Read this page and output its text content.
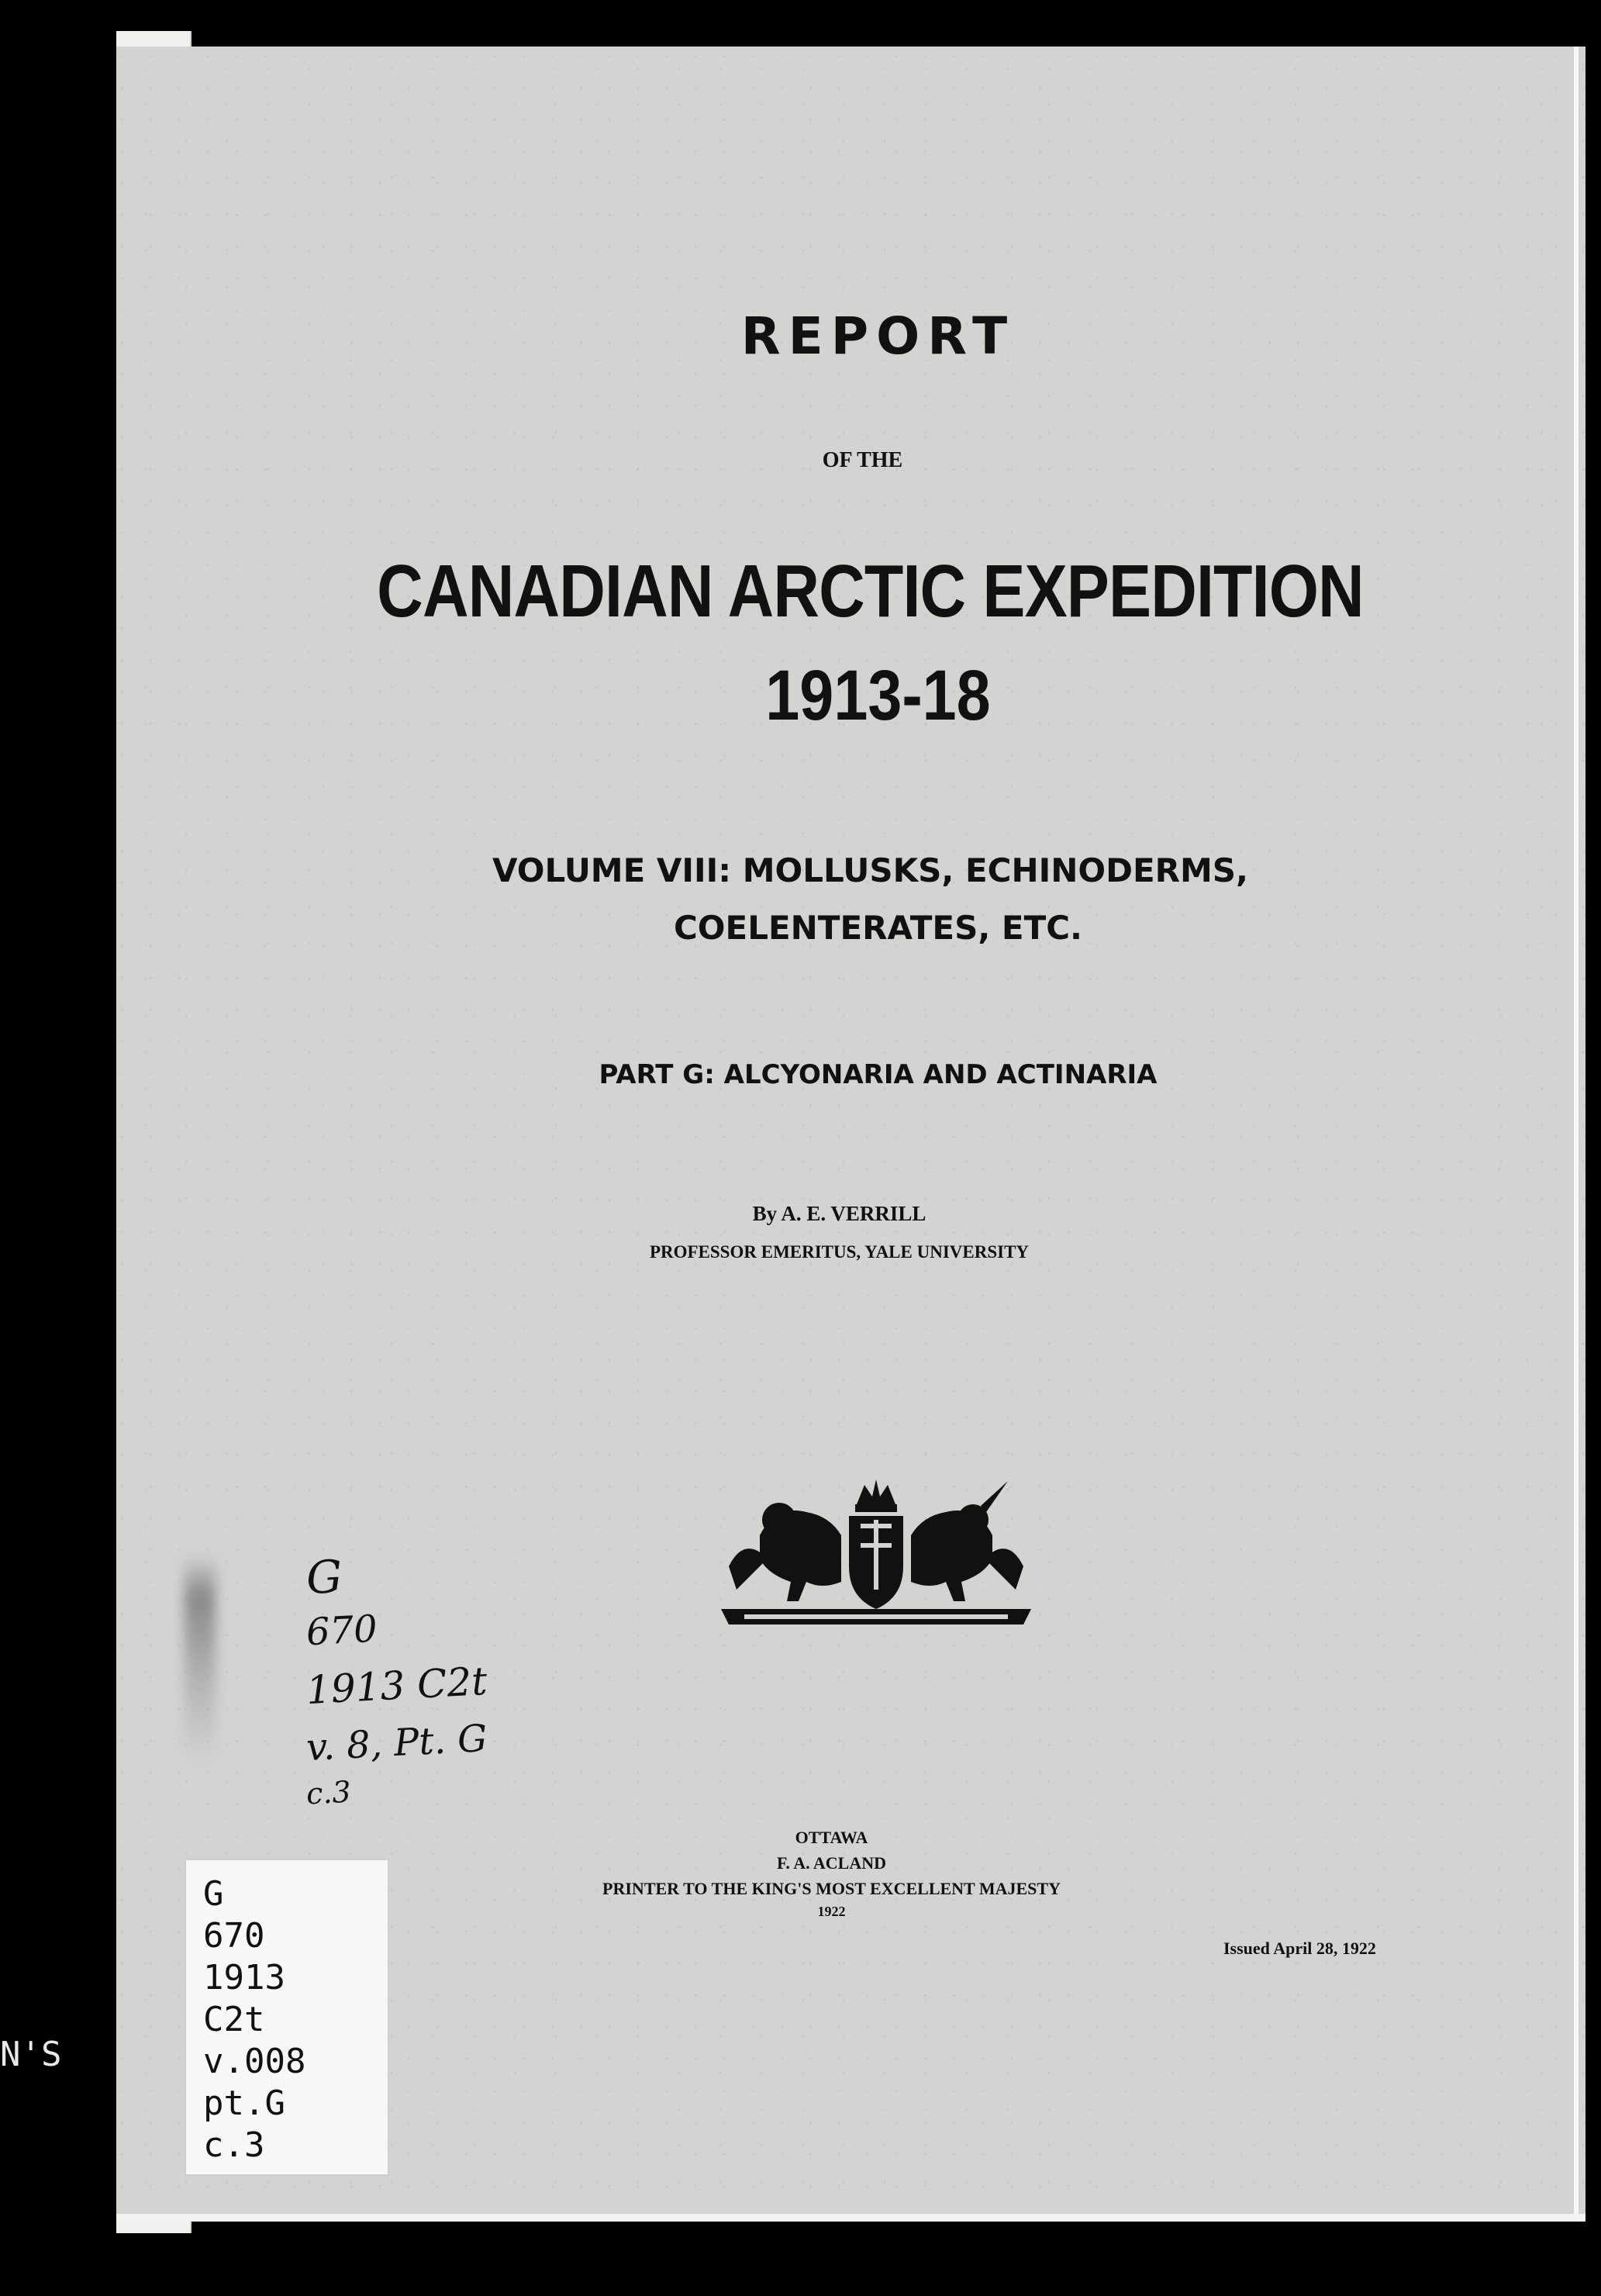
REPORT

OF THE

CANADIAN ARCTIC EXPEDITION

1913-18

VOLUME VIII: MOLLUSKS, ECHINODERMS,

COELENTERATES, ETC.

PART G: ALCYONARIA AND ACTINARIA

By A. E. VERRILL

PROFESSOR EMERITUS, YALE UNIVERSITY

G

670

1913 C2t

v. 8, Pt. G

c.3

OTTAWA

F. A. ACLAND

PRINTER TO THE KING'S MOST EXCELLENT MAJESTY

1922

Issued April 28, 1922

G

670

1913

C2t

v.008

pt.G

c.3

N'S
